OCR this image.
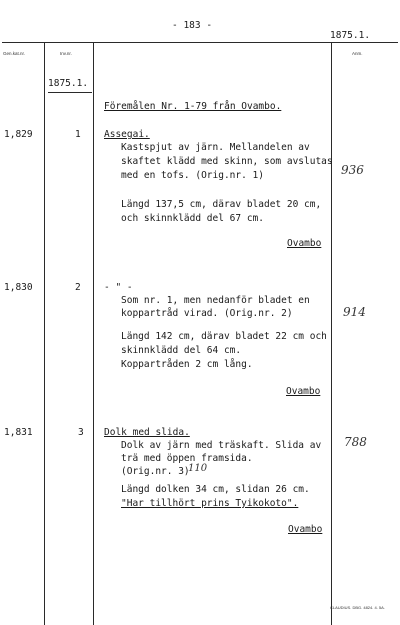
- 183 -
1875.1.
Gen.kat.nr.	Inv.nr.	Anm.
1875.1.
Föremålen Nr. 1-79 från Ovambo.
1,829	1 Assegai.
Kastspjut av järn. Mellandelen av
skaftet klädd med skinn, som avslutas
med en tofs. (Orig.nr. 1)
Längd 137,5 cm, därav bladet 20 cm,
och skinnklädd del 67 cm.
Ovambo
936
1,830	2 - " -
Som nr. 1, men nedanför bladet en
koppartråd virad. (Orig.nr. 2)
Längd 142 cm, därav bladet 22 cm och
skinnklädd del 64 cm.
Koppartråden 2 cm lång.
Ovambo
914
1,831	3 Dolk med slida.
Dolk av järn med träskaft. Slida av
trä med öppen framsida.
(Orig.nr. 3)
110
Längd dolken 34 cm, slidan 26 cm.
"Har tillhört prins Tyikokoto".
Ovambo
788
CLAUDIUS. DBG. 4824. 4. 5A.
